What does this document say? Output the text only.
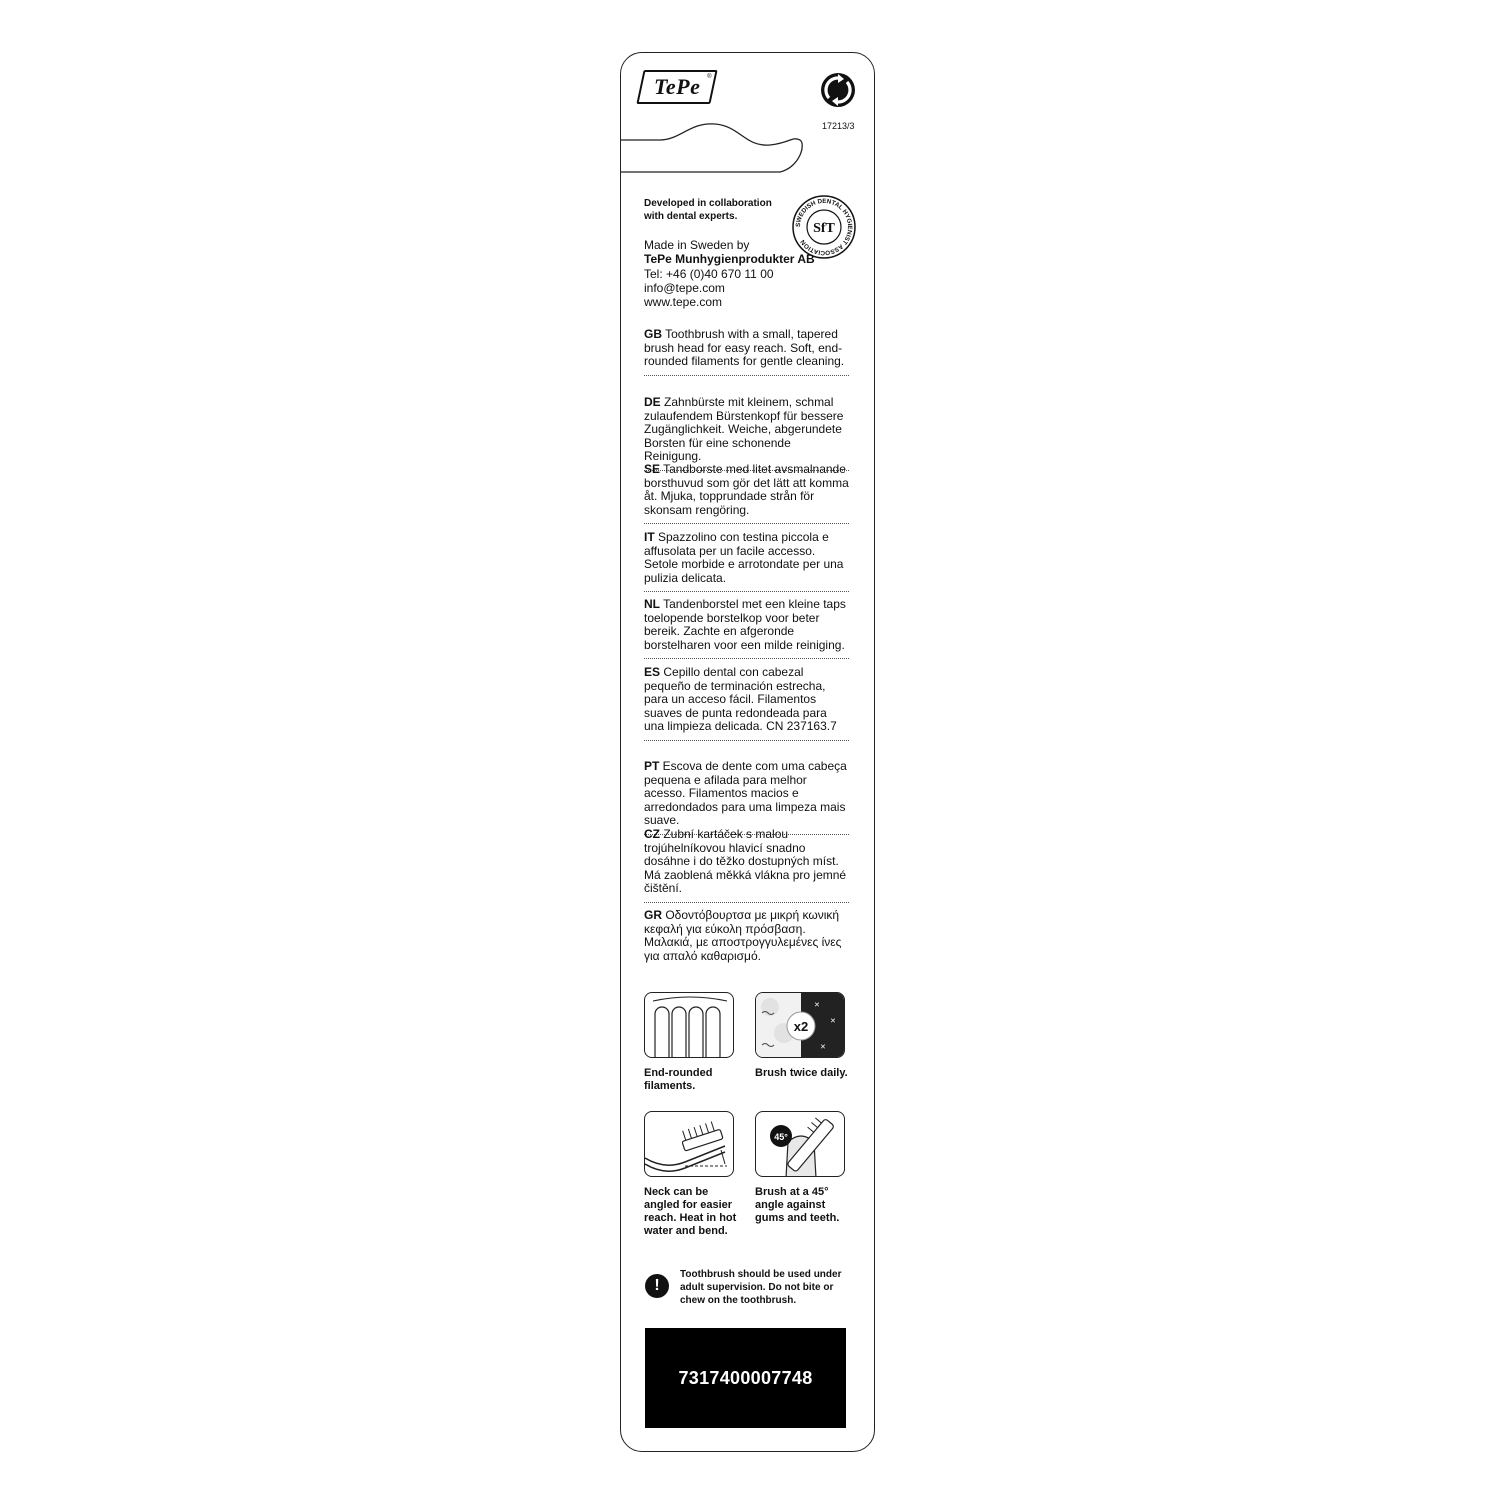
TePe ®
17213/3
Developed in collaboration with dental experts.
SWEDISH DENTAL HYGIENIST ASSOCIATION
SfT
Made in Sweden by
TePe Munhygienprodukter AB
Tel: +46 (0)40 670 11 00
info@tepe.com
www.tepe.com
GB Toothbrush with a small, tapered brush head for easy reach. Soft, end-rounded filaments for gentle cleaning.
DE Zahnbürste mit kleinem, schmal zulaufendem Bürstenkopf für bessere Zugänglichkeit. Weiche, abgerundete Borsten für eine schonende Reinigung.
SE Tandborste med litet avsmalnande borsthuvud som gör det lätt att komma åt. Mjuka, topprundade strån för skonsam rengöring.
IT Spazzolino con testina piccola e affusolata per un facile accesso. Setole morbide e arrotondate per una pulizia delicata.
NL Tandenborstel met een kleine taps toelopende borstelkop voor beter bereik. Zachte en afgeronde borstelharen voor een milde reiniging.
ES Cepillo dental con cabezal pequeño de terminación estrecha, para un acceso fácil. Filamentos suaves de punta redondeada para una limpieza delicada. CN 237163.7
PT Escova de dente com uma cabeça pequena e afilada para melhor acesso. Filamentos macios e arredondados para uma limpeza mais suave.
CZ Zubní kartáček s malou trojúhelníkovou hlavicí snadno dosáhne i do těžko dostupných míst. Má zaoblená měkká vlákna pro jemné čištění.
GR Οδοντόβουρτσα με μικρή κωνική κεφαλή για εύκολη πρόσβαση. Μαλακιά, με αποστρογγυλεμένες ίνες για απαλό καθαρισμό.
End-rounded filaments.
✕
✕
✕
x2
Brush twice daily.
Neck can be angled for easier reach. Heat in hot water and bend.
45°
Brush at a 45° angle against gums and teeth.
!
Toothbrush should be used under adult supervision. Do not bite or chew on the toothbrush.
7317400007748
